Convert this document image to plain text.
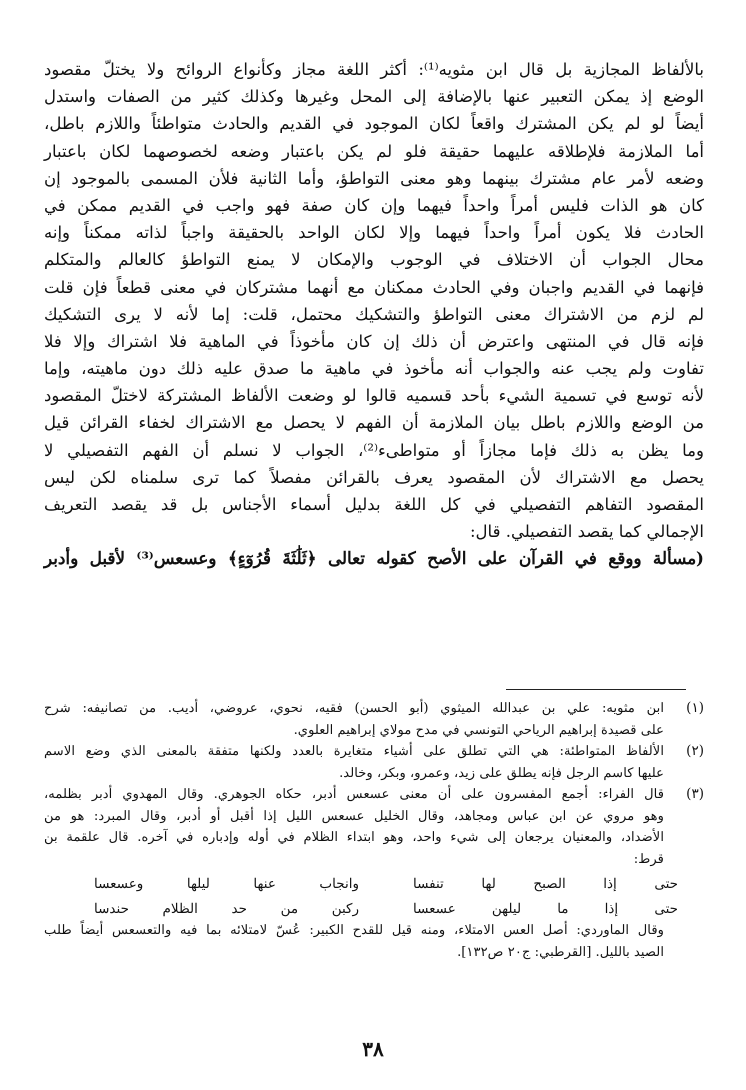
بالألفاظ المجازية بل قال ابن مثويه⁽¹⁾: أكثر اللغة مجاز وكأنواع الروائح ولا يختلّ مقصود
الوضع إذ يمكن التعبير عنها بالإضافة إلى المحل وغيرها وكذلك كثير من الصفات واستدل
أيضاً لو لم يكن المشترك واقعاً لكان الموجود في القديم والحادث متواطئاً واللازم باطل،
أما الملازمة فلإطلاقه عليهما حقيقة فلو لم يكن باعتبار وضعه لخصوصهما لكان باعتبار
وضعه لأمر عام مشترك بينهما وهو معنى التواطؤ، وأما الثانية فلأن المسمى بالموجود إن
كان هو الذات فليس أمراً واحداً فيهما وإن كان صفة فهو واجب في القديم ممكن في
الحادث فلا يكون أمراً واحداً فيهما وإلا لكان الواحد بالحقيقة واجباً لذاته ممكناً وإنه
محال الجواب أن الاختلاف في الوجوب والإمكان لا يمنع التواطؤ كالعالم والمتكلم
فإنهما في القديم واجبان وفي الحادث ممكنان مع أنهما مشتركان في معنى قطعاً فإن قلت
لم لزم من الاشتراك معنى التواطؤ والتشكيك محتمل، قلت: إما لأنه لا يرى التشكيك
فإنه قال في المنتهى واعترض أن ذلك إن كان مأخوذاً في الماهية فلا اشتراك وإلا فلا
تفاوت ولم يجب عنه والجواب أنه مأخوذ في ماهية ما صدق عليه ذلك دون ماهيته، وإما
لأنه توسع في تسمية الشيء بأحد قسميه قالوا لو وضعت الألفاظ المشتركة لاختلّ المقصود
من الوضع واللازم باطل بيان الملازمة أن الفهم لا يحصل مع الاشتراك لخفاء القرائن قيل
وما يظن به ذلك فإما مجازاً أو متواطىء⁽²⁾، الجواب لا نسلم أن الفهم التفصيلي لا
يحصل مع الاشتراك لأن المقصود يعرف بالقرائن مفصلاً كما ترى سلمناه لكن ليس
المقصود التفاهم التفصيلي في كل اللغة بدليل أسماء الأجناس بل قد يقصد التعريف
الإجمالي كما يقصد التفصيلي. قال:
(مسألة ووقع في القرآن على الأصح كقوله تعالى ﴿ثَلَٰثَةَ قُرُوٓءٍ﴾ وعسعس⁽³⁾ لأقبل وأدبر
(١)
ابن مثويه: علي بن عبدالله الميثوي (أبو الحسن) فقيه، نحوي، عروضي، أديب. من تصانيفه: شرح
على قصيدة إبراهيم الرياحي التونسي في مدح مولاي إبراهيم العلوي.
(٢)
الألفاظ المتواطئة: هي التي تطلق على أشياء متغايرة بالعدد ولكنها متفقة بالمعنى الذي وضع الاسم
عليها كاسم الرجل فإنه يطلق على زيد، وعمرو، وبكر، وخالد.
(٣)
قال الفراء: أجمع المفسرون على أن معنى عسعس أدبر، حكاه الجوهري. وقال المهدوي أدبر بظلمه،
وهو مروي عن ابن عباس ومجاهد، وقال الخليل عسعس الليل إذا أقبل أو أدبر، وقال المبرد: هو من
الأضداد، والمعنيان يرجعان إلى شيء واحد، وهو ابتداء الظلام في أوله وإدباره في آخره. قال علقمة بن
قرط:
حتى إذا الصبح لها تنفسا
وانجاب عنها ليلها وعسعسا
حتى إذا ما ليلهن عسعسا
ركبن من حد الظلام حندسا
وقال الماوردي: أصل العس الامتلاء، ومنه قيل للقدح الكبير: عُسّ لامتلائه بما فيه والتعسعس أيضاً طلب
الصيد بالليل. [القرطبي: ج٢٠ ص١٣٢].
٣٨
